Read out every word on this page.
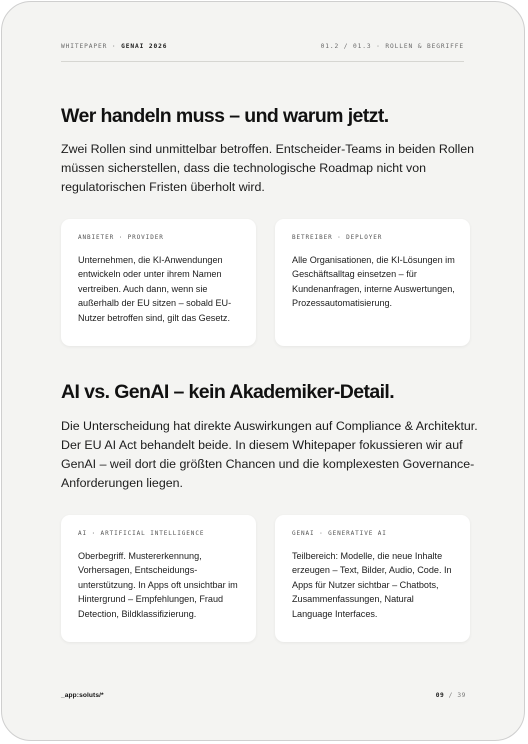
WHITEPAPER · GENAI 2026	01.2 / 01.3 · ROLLEN & BEGRIFFE
Wer handeln muss – und warum jetzt.

Zwei Rollen sind unmittelbar betroffen. Entscheider-Teams in beiden Rollen müssen sicherstellen, dass die technologische Roadmap nicht von regulatorischen Fristen überholt wird.

ANBIETER · PROVIDER

Unternehmen, die KI-Anwendungen entwickeln oder unter ihrem Namen vertreiben. Auch dann, wenn sie außerhalb der EU sitzen – sobald EU-Nutzer betroffen sind, gilt das Gesetz.

BETREIBER · DEPLOYER

Alle Organisationen, die KI-Lösungen im Geschäftsalltag einsetzen – für Kundenanfragen, interne Auswertungen, Prozessautomatisierung.

AI vs. GenAI – kein Akademiker-Detail.

Die Unterscheidung hat direkte Auswirkungen auf Compliance & Architektur. Der EU AI Act behandelt beide. In diesem Whitepaper fokussieren wir auf GenAI – weil dort die größten Chancen und die komplexesten Governance-Anforderungen liegen.

AI · ARTIFICIAL INTELLIGENCE

Oberbegriff. Mustererkennung, Vorhersagen, Entscheidungs-unterstützung. In Apps oft unsichtbar im Hintergrund – Empfehlungen, Fraud Detection, Bildklassifizierung.

GENAI · GENERATIVE AI

Teilbereich: Modelle, die neue Inhalte erzeugen – Text, Bilder, Audio, Code. In Apps für Nutzer sichtbar – Chatbots, Zusammenfassungen, Natural Language Interfaces.

_app:soluts/*	09 / 39
